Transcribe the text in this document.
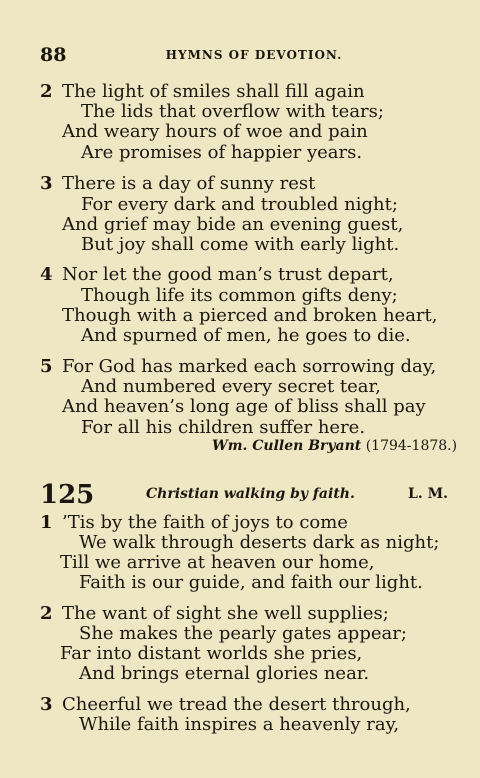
88	HYMNS OF DEVOTION.
2 The light of smiles shall fill again
The lids that overflow with tears;
And weary hours of woe and pain
Are promises of happier years.
3 There is a day of sunny rest
For every dark and troubled night;
And grief may bide an evening guest,
But joy shall come with early light.
4 Nor let the good man’s trust depart,
Though life its common gifts deny;
Though with a pierced and broken heart,
And spurned of men, he goes to die.
5 For God has marked each sorrowing day,
And numbered every secret tear,
And heaven’s long age of bliss shall pay
For all his children suffer here.
Wm. Cullen Bryant (1794-1878.)
125	Christian walking by faith.	L. M.
1 ’Tis by the faith of joys to come
We walk through deserts dark as night;
Till we arrive at heaven our home,
Faith is our guide, and faith our light.
2 The want of sight she well supplies;
She makes the pearly gates appear;
Far into distant worlds she pries,
And brings eternal glories near.
3 Cheerful we tread the desert through,
While faith inspires a heavenly ray,
